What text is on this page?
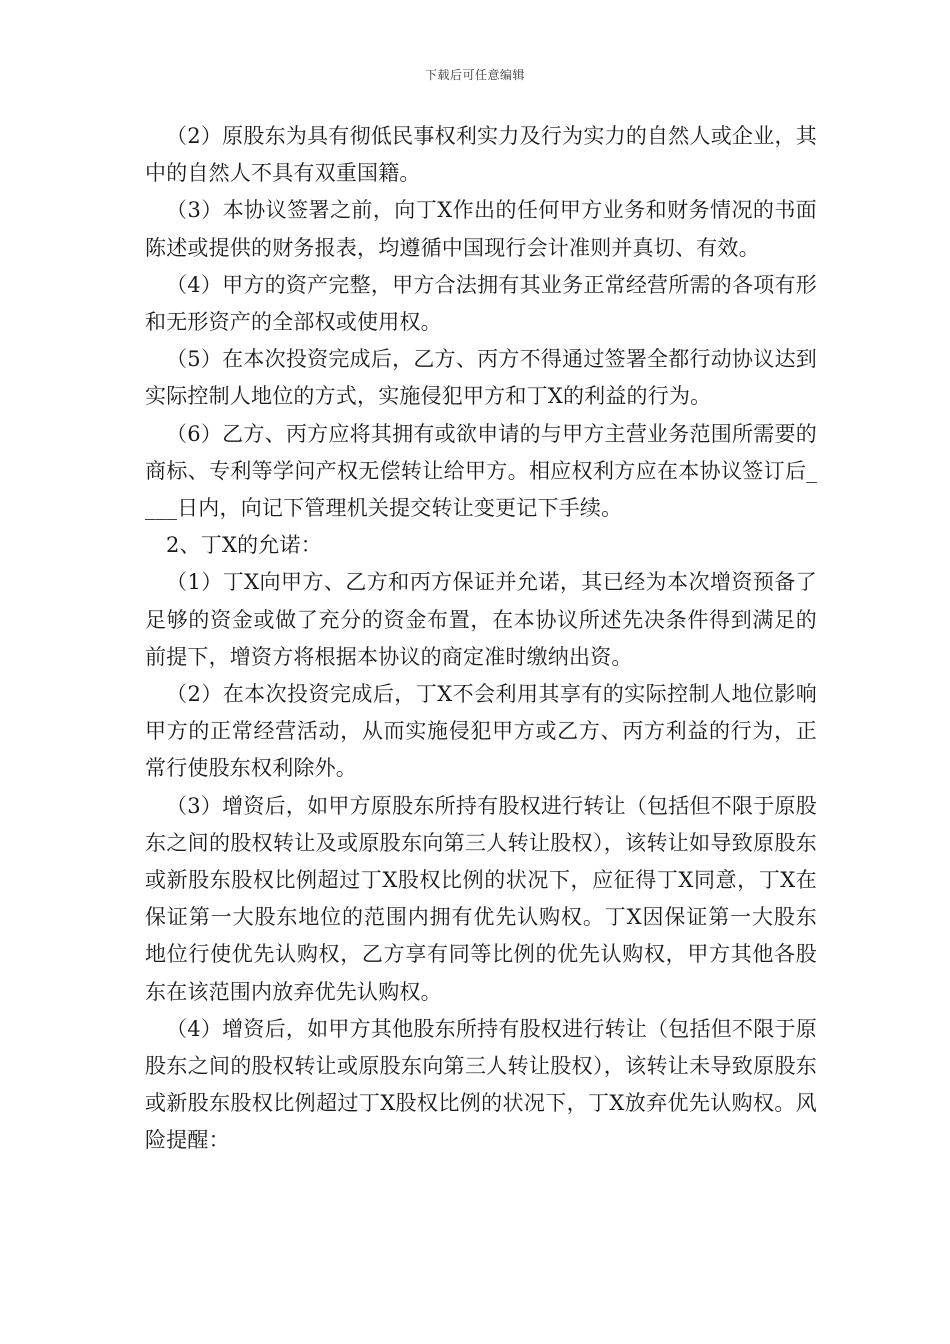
下载后可任意编辑

（2）原股东为具有彻低民事权利实力及行为实力的自然人或企业，其中的自然人不具有双重国籍。

（3）本协议签署之前，向丁X作出的任何甲方业务和财务情况的书面陈述或提供的财务报表，均遵循中国现行会计准则并真切、有效。

（4）甲方的资产完整，甲方合法拥有其业务正常经营所需的各项有形和无形资产的全部权或使用权。

（5）在本次投资完成后，乙方、丙方不得通过签署全都行动协议达到实际控制人地位的方式，实施侵犯甲方和丁X的利益的行为。

（6）乙方、丙方应将其拥有或欲申请的与甲方主营业务范围所需要的商标、专利等学问产权无偿转让给甲方。相应权利方应在本协议签订后____日内，向记下管理机关提交转让变更记下手续。

2、丁X的允诺：

（1）丁X向甲方、乙方和丙方保证并允诺，其已经为本次增资预备了足够的资金或做了充分的资金布置，在本协议所述先决条件得到满足的前提下，增资方将根据本协议的商定准时缴纳出资。

（2）在本次投资完成后，丁X不会利用其享有的实际控制人地位影响甲方的正常经营活动，从而实施侵犯甲方或乙方、丙方利益的行为，正常行使股东权利除外。

（3）增资后，如甲方原股东所持有股权进行转让（包括但不限于原股东之间的股权转让及或原股东向第三人转让股权），该转让如导致原股东或新股东股权比例超过丁X股权比例的状况下，应征得丁X同意，丁X在保证第一大股东地位的范围内拥有优先认购权。丁X因保证第一大股东地位行使优先认购权，乙方享有同等比例的优先认购权，甲方其他各股东在该范围内放弃优先认购权。

（4）增资后，如甲方其他股东所持有股权进行转让（包括但不限于原股东之间的股权转让或原股东向第三人转让股权），该转让未导致原股东或新股东股权比例超过丁X股权比例的状况下，丁X放弃优先认购权。风险提醒：
